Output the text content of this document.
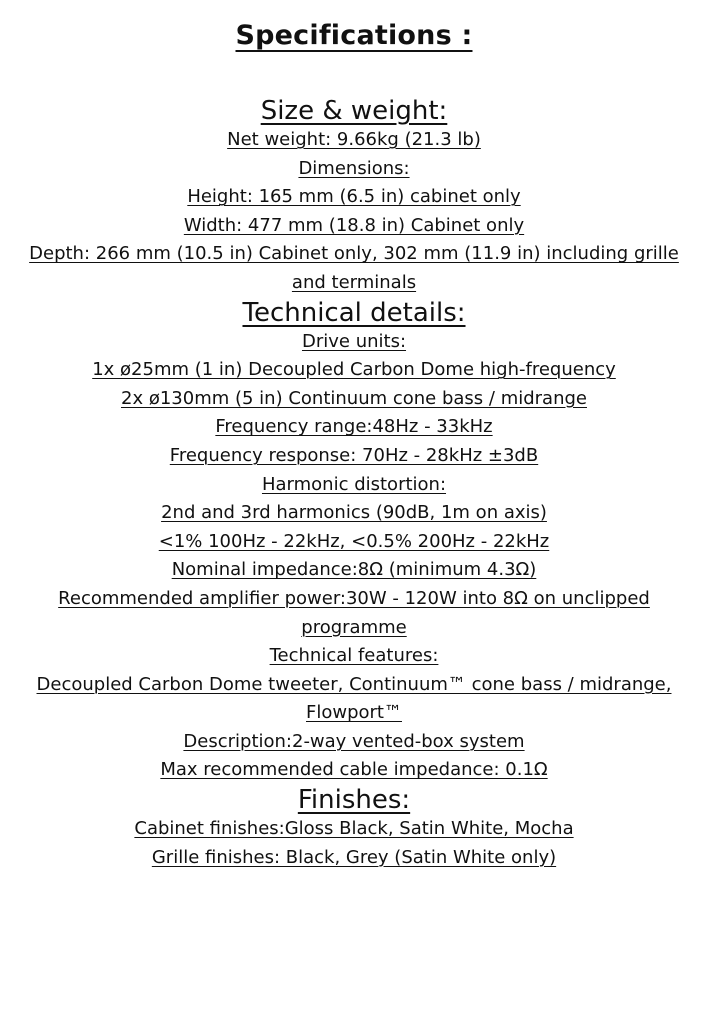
Specifications :
Size & weight:
Net weight: 9.66kg (21.3 lb)
Dimensions:
Height: 165 mm (6.5 in) cabinet only
Width: 477 mm (18.8 in) Cabinet only
Depth: 266 mm (10.5 in) Cabinet only, 302 mm (11.9 in) including grille
and terminals
Technical details:
Drive units:
1x ø25mm (1 in) Decoupled Carbon Dome high-frequency
2x ø130mm (5 in) Continuum cone bass / midrange
Frequency range:48Hz - 33kHz
Frequency response: 70Hz - 28kHz ±3dB
Harmonic distortion:
2nd and 3rd harmonics (90dB, 1m on axis)
<1% 100Hz - 22kHz, <0.5% 200Hz - 22kHz
Nominal impedance:8Ω (minimum 4.3Ω)
Recommended amplifier power:30W - 120W into 8Ω on unclipped
programme
Technical features:
Decoupled Carbon Dome tweeter, Continuum™ cone bass / midrange,
Flowport™
Description:2-way vented-box system
Max recommended cable impedance: 0.1Ω
Finishes:
Cabinet finishes:Gloss Black, Satin White, Mocha
Grille finishes: Black, Grey (Satin White only)
